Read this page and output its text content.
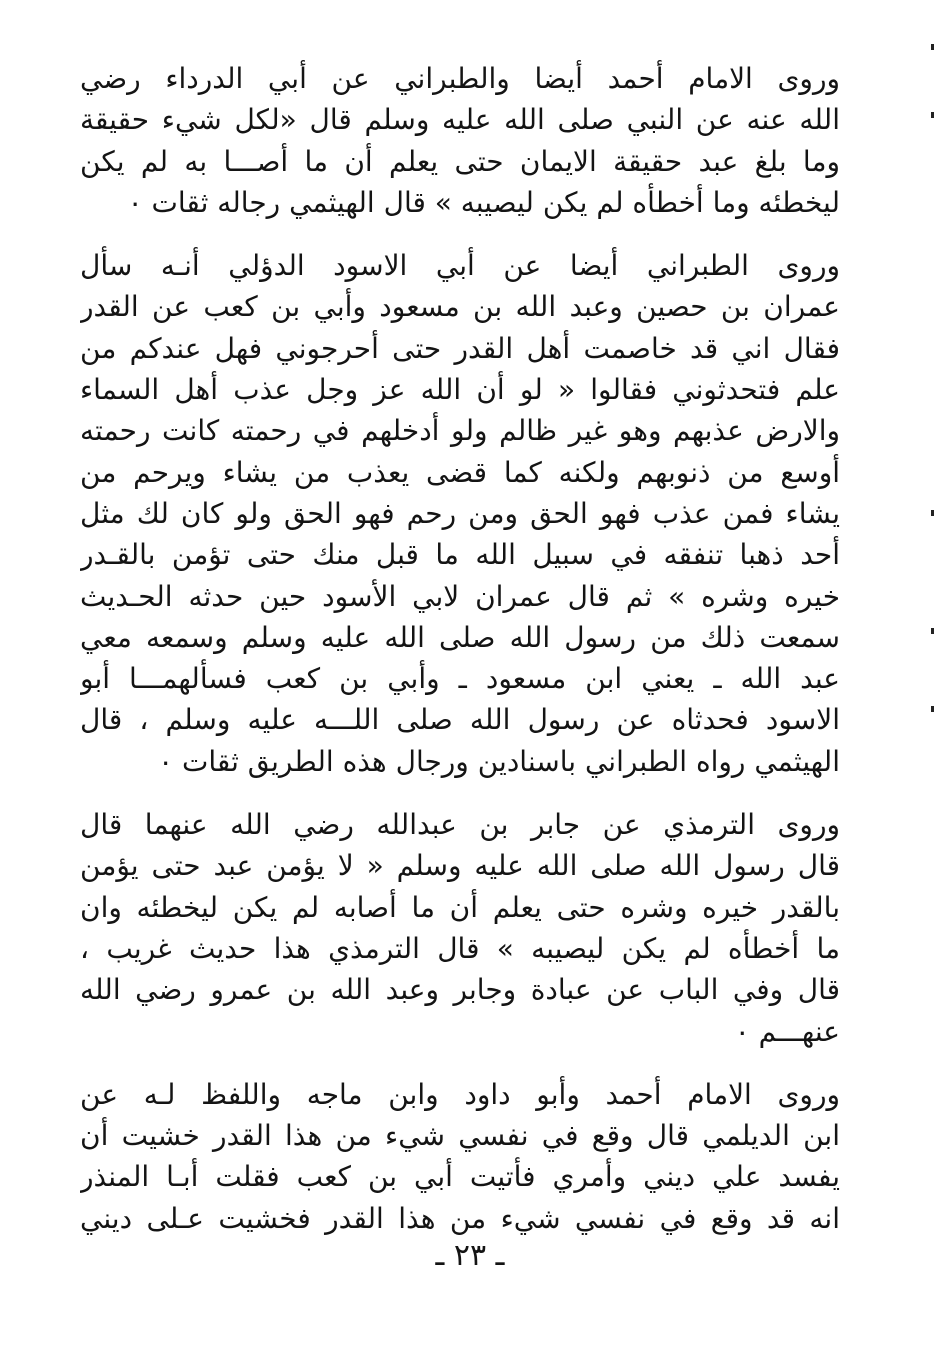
وروى الامام أحمد أيضا والطبراني عن أبي الدرداء رضي
الله عنه عن النبي صلى الله عليه وسلم قال «لكل شيء حقيقة
وما بلغ عبد حقيقة الايمان حتى يعلم أن ما أصـــا به لم يكن
ليخطئه وما أخطأه لم يكن ليصيبه » قال الهيثمي رجاله ثقات ٠
وروى الطبراني أيضا عن أبي الاسود الدؤلي أنـه سأل
عمران بن حصين وعبد الله بن مسعود وأبي بن كعب عن القدر
فقال اني قد خاصمت أهل القدر حتى أحرجوني فهل عندكم من
علم فتحدثوني فقالوا « لو أن الله عز وجل عذب أهل السماء
والارض عذبهم وهو غير ظالم ولو أدخلهم في رحمته كانت رحمته
أوسع من ذنوبهم ولكنه كما قضى يعذب من يشاء ويرحم من
يشاء فمن عذب فهو الحق ومن رحم فهو الحق ولو كان لك مثل
أحد ذهبا تنفقه في سبيل الله ما قبل منك حتى تؤمن بالقـدر
خيره وشره » ثم قال عمران لابي الأسود حين حدثه الحـديث
سمعت ذلك من رسول الله صلى الله عليه وسلم وسمعه معي
عبد الله ـ يعني ابن مسعود ـ وأبي بن كعب فسألهمـــا أبو
الاسود فحدثاه عن رسول الله صلى اللـــه عليه وسلم ، قال
الهيثمي رواه الطبراني باسنادين ورجال هذه الطريق ثقات ٠
وروى الترمذي عن جابر بن عبدالله رضي الله عنهما قال
قال رسول الله صلى الله عليه وسلم « لا يؤمن عبد حتى يؤمن
بالقدر خيره وشره حتى يعلم أن ما أصابه لم يكن ليخطئه وان
ما أخطأه لم يكن ليصيبه » قال الترمذي هذا حديث غريب ،
قال وفي الباب عن عبادة وجابر وعبد الله بن عمرو رضي الله
عنهـــم ٠
وروى الامام أحمد وأبو داود وابن ماجه واللفظ لـه عن
ابن الديلمي قال وقع في نفسي شيء من هذا القدر خشيت أن
يفسد علي ديني وأمري فأتيت أبي بن كعب فقلت أبـا المنذر
انه قد وقع في نفسي شيء من هذا القدر فخشيت عـلى ديني
ـ ٢٣ ـ
